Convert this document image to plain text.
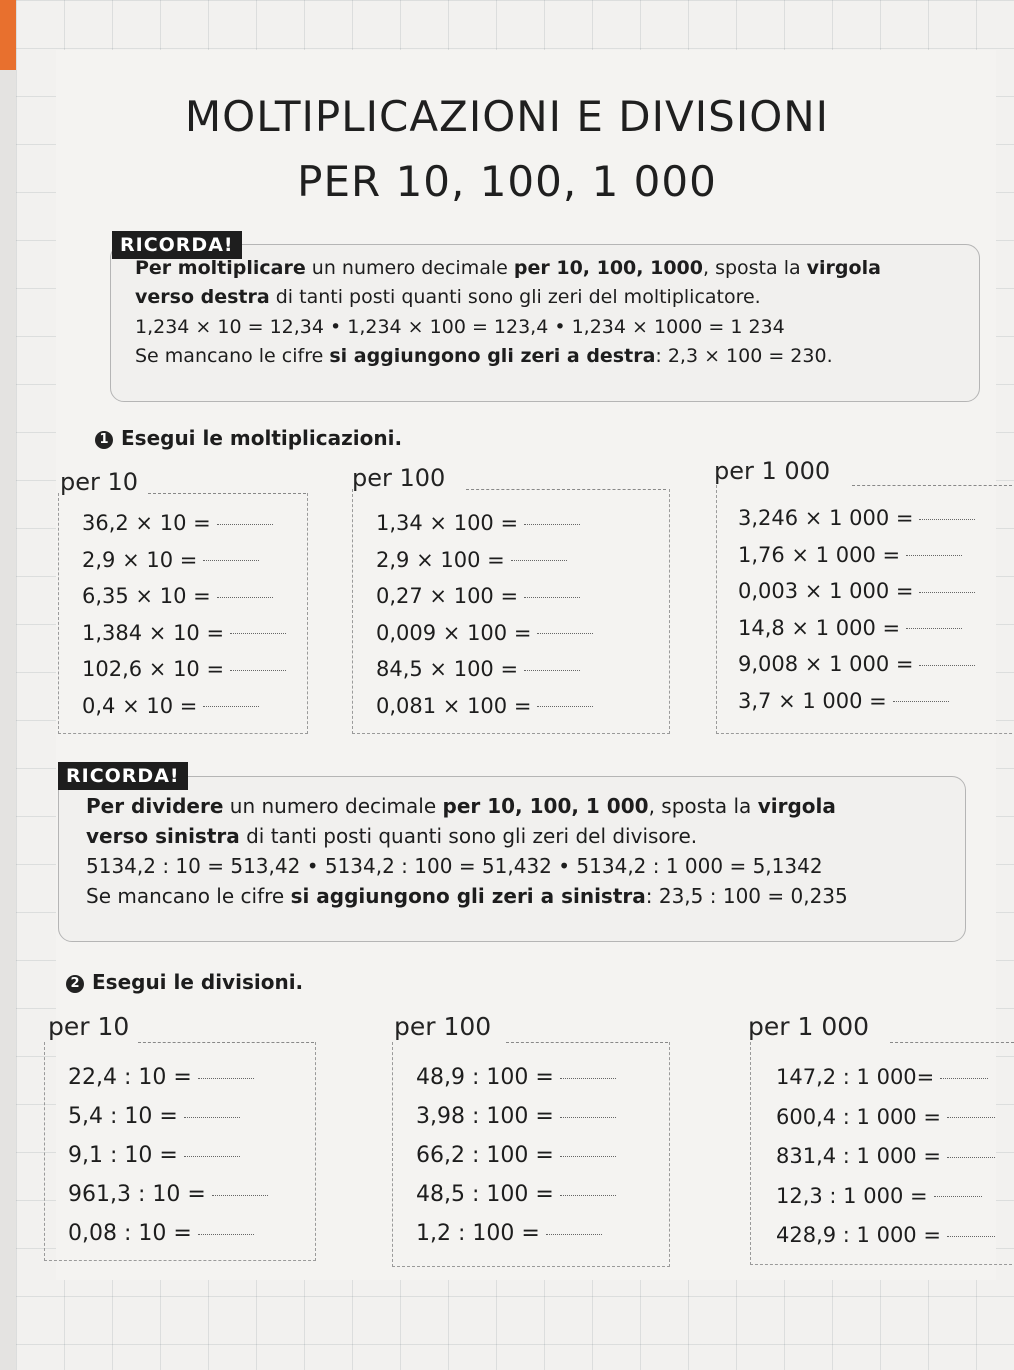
MOLTIPLICAZIONI E DIVISIONI
PER 10, 100, 1 000
RICORDA!
Per moltiplicare un numero decimale per 10, 100, 1000, sposta la virgola
verso destra di tanti posti quanti sono gli zeri del moltiplicatore.
1,234 × 10 = 12,34 • 1,234 × 100 = 123,4 • 1,234 × 1000 = 1 234
Se mancano le cifre si aggiungono gli zeri a destra: 2,3 × 100 = 230.
1 Esegui le moltiplicazioni.
per 10	per 100	per 1 000
36,2 × 10 =
2,9 × 10 =
6,35 × 10 =
1,384 × 10 =
102,6 × 10 =
0,4 × 10 =
1,34 × 100 =
2,9 × 100 =
0,27 × 100 =
0,009 × 100 =
84,5 × 100 =
0,081 × 100 =
3,246 × 1 000 =
1,76 × 1 000 =
0,003 × 1 000 =
14,8 × 1 000 =
9,008 × 1 000 =
3,7 × 1 000 =
RICORDA!
Per dividere un numero decimale per 10, 100, 1 000, sposta la virgola
verso sinistra di tanti posti quanti sono gli zeri del divisore.
5134,2 : 10 = 513,42 • 5134,2 : 100 = 51,432 • 5134,2 : 1 000 = 5,1342
Se mancano le cifre si aggiungono gli zeri a sinistra: 23,5 : 100 = 0,235
2 Esegui le divisioni.
per 10	per 100	per 1 000
22,4 : 10 =
5,4 : 10 =
9,1 : 10 =
961,3 : 10 =
0,08 : 10 =
48,9 : 100 =
3,98 : 100 =
66,2 : 100 =
48,5 : 100 =
1,2 : 100 =
147,2 : 1 000=
600,4 : 1 000 =
831,4 : 1 000 =
12,3 : 1 000 =
428,9 : 1 000 =
